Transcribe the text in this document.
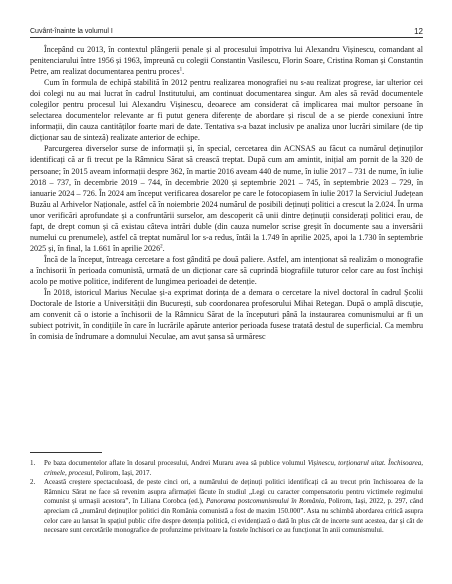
Cuvânt-înainte la volumul I	12

Începând cu 2013, în contextul plângerii penale și al procesului împotriva lui Alexandru Vișinescu, comandant al penitenciarului între 1956 și 1963, împreună cu colegii Constantin Vasilescu, Florin Soare, Cristina Roman și Constantin Petre, am realizat documentarea pentru proces$^1$.

Cum în formula de echipă stabilită în 2012 pentru realizarea monografiei nu s-au realizat progrese, iar ulterior cei doi colegi nu au mai lucrat în cadrul Institutului, am continuat documentarea singur. Am ales să revăd documentele colegilor pentru procesul lui Alexandru Vișinescu, deoarece am considerat că implicarea mai multor persoane în selectarea documentelor relevante ar fi putut genera diferențe de abordare și riscul de a se pierde conexiuni între informații, din cauza cantităților foarte mari de date. Tentativa s-a bazat inclusiv pe analiza unor lucrări similare (de tip dicționar sau de sinteză) realizate anterior de echipe.

Parcurgerea diverselor surse de informații și, în special, cercetarea din ACNSAS au făcut ca numărul deținuților identificați că ar fi trecut pe la Râmnicu Sărat să crească treptat. După cum am amintit, inițial am pornit de la 320 de persoane; în 2015 aveam informații despre 362, în martie 2016 aveam 440 de nume, în iulie 2017 – 731 de nume, în iulie 2018 – 737, în decembrie 2019 – 744, în decembrie 2020 și septembrie 2021 – 745, în septembrie 2023 – 729, în ianuarie 2024 – 726. În 2024 am început verificarea dosarelor pe care le fotocopiasem în iulie 2017 la Serviciul Județean Buzău al Arhivelor Naționale, astfel că în noiembrie 2024 numărul de posibili deținuți politici a crescut la 2.024. În urma unor verificări aprofundate și a confruntării surselor, am descoperit că unii dintre deținuții considerați politici erau, de fapt, de drept comun și că existau câteva intrări duble (din cauza numelor scrise greșit în documente sau a inversării numelui cu prenumele), astfel că treptat numărul lor s-a redus, întâi la 1.749 în aprilie 2025, apoi la 1.730 în septembrie 2025 și, în final, la 1.661 în aprilie 2026$^2$.

Încă de la început, întreaga cercetare a fost gândită pe două paliere. Astfel, am intenționat să realizăm o monografie a închisorii în perioada comunistă, urmată de un dicționar care să cuprindă biografiile tuturor celor care au fost închiși acolo pe motive politice, indiferent de lungimea perioadei de detenție.

În 2018, istoricul Marius Neculae și-a exprimat dorința de a demara o cercetare la nivel doctoral în cadrul Școlii Doctorale de Istorie a Universității din București, sub coordonarea profesorului Mihai Retegan. După o amplă discuție, am convenit că o istorie a închisorii de la Râmnicu Sărat de la începuturi până la instaurarea comunismului ar fi un subiect potrivit, în condițiile în care în lucrările apărute anterior perioada fusese tratată destul de superficial. Ca membru în comisia de îndrumare a domnului Neculae, am avut șansa să urmăresc

1.	Pe baza documentelor aflate în dosarul procesului, Andrei Muraru avea să publice volumul Vișinescu, torționarul uitat. Închisoarea, crimele, procesul, Polirom, Iași, 2017.
2.	Această creștere spectaculoasă, de peste cinci ori, a numărului de deținuți politici identificați că au trecut prin închisoarea de la Râmnicu Sărat ne face să revenim asupra afirmației făcute în studiul „Legi cu caracter compensatoriu pentru victimele regimului comunist și urmașii acestora”, în Liliana Corobca (ed.), Panorama postcomunismului în România, Polirom, Iași, 2022, p. 297, când apreciam că „numărul deținuților politici din România comunistă a fost de maxim 150.000”. Asta nu schimbă abordarea critică asupra celor care au lansat în spațiul public cifre despre detenția politică, ci evidențiază o dată în plus cât de incerte sunt acestea, dar și cât de necesare sunt cercetările monografice de profunzime privitoare la fostele închisori ce au funcționat în anii comunismului.
